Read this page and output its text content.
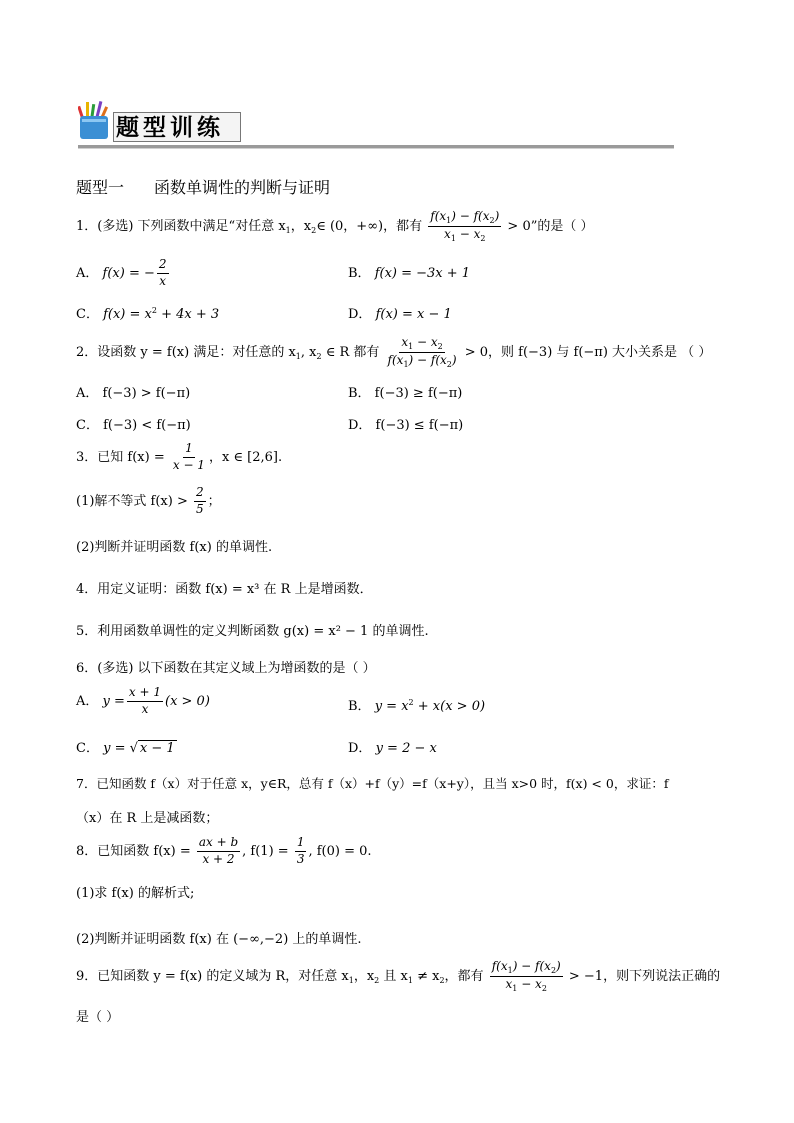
题型训练
题型一 函数单调性的判断与证明
1．(多选) 下列函数中满足“对任意 $x_1$，$x_2\in$ (0，+∞)，都有 $\frac{f(x_1) - f(x_2)}{x_1 - x_2} > 0$”的是（ ）
A． f(x) = − $\frac{2}{x}$	B． f(x) = −3x + 1
C． $f(x) = x^2 + 4x + 3$	D． f(x) = x − 1
2．设函数 y = f(x) 满足：对任意的 $x_1$, $x_2$ ∈ R 都有 $\frac{x_1 - x_2}{f(x_1) - f(x_2)} > 0$，则 f(−3) 与 f(−π) 大小关系是 （ ）
A． f(−3) > f(−π)	B． f(−3) ≥ f(−π)
C． f(−3) < f(−π)	D． f(−3) ≤ f(−π)
3．已知 $f(x) = \frac{1}{x - 1}$ ，x ∈ [2,6].
(1)解不等式 $f(x) > \frac{2}{5}$ ；
(2)判断并证明函数 f(x) 的单调性.
4．用定义证明：函数 f(x) = x³ 在 R 上是增函数．
5．利用函数单调性的定义判断函数 g(x) = x² − 1 的单调性.
6．(多选) 以下函数在其定义域上为增函数的是（ ）
A． $y = \frac{x + 1}{x} (x > 0)$	B． $y = x^2 + x(x > 0)$
C． y = √ x − 1	D． y = 2 − x
7．已知函数 f（x）对于任意 x，y∈R，总有 f（x）+f（y）=f（x+y），且当 x>0 时，f(x) < 0，求证：f
（x）在 R 上是减函数；
8．已知函数 $f(x) = \frac{ax + b}{x + 2}$ , $f(1) = \frac{1}{3}$ , f(0) = 0.
(1)求 f(x) 的解析式;
(2)判断并证明函数 f(x) 在 (−∞,−2) 上的单调性.
9．已知函数 y = f(x) 的定义域为 R，对任意 $x_1$，$x_2$ 且 $x_1 \ne x_2$，都有 $\frac{f(x_1) - f(x_2)}{x_1 - x_2} > -1$，则下列说法正确的
是（ ）
